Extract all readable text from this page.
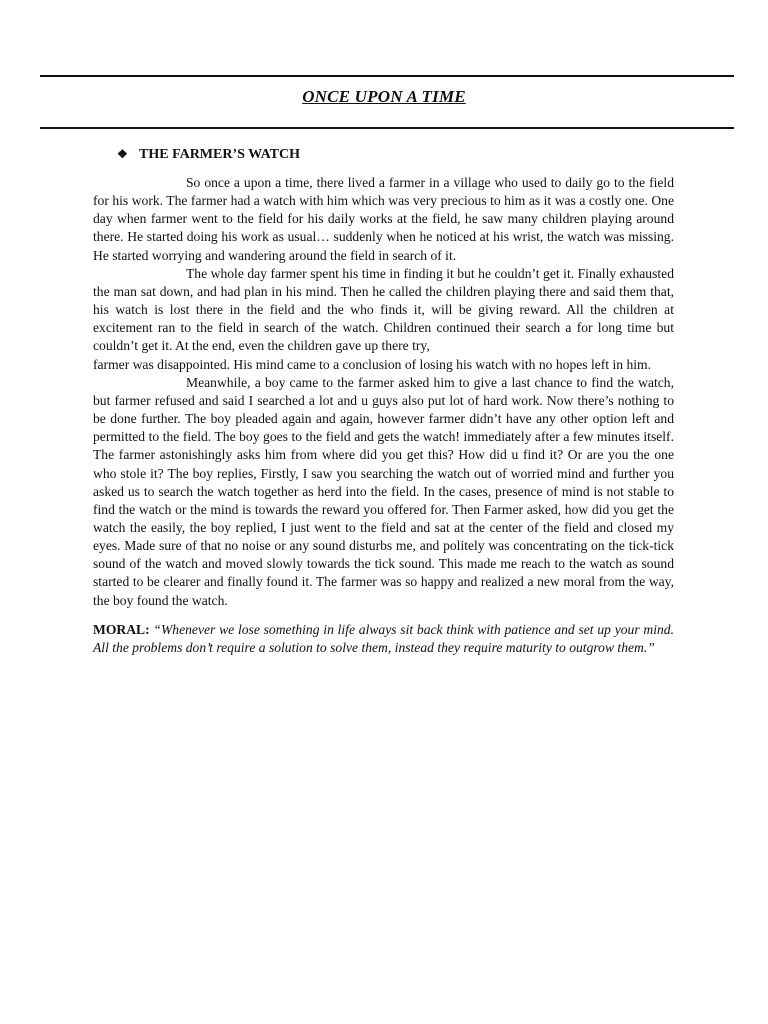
ONCE UPON A TIME
❖ THE FARMER’S WATCH

So once a upon a time, there lived a farmer in a village who used to daily go to the field for his work. The farmer had a watch with him which was very precious to him as it was a costly one. One day when farmer went to the field for his daily works at the field, he saw many children playing around there. He started doing his work as usual… suddenly when he noticed at his wrist, the watch was missing. He started worrying and wandering around the field in search of it.

The whole day farmer spent his time in finding it but he couldn’t get it. Finally exhausted the man sat down, and had plan in his mind. Then he called the children playing there and said them that, his watch is lost there in the field and the who finds it, will be giving reward. All the children at excitement ran to the field in search of the watch. Children continued their search a for long time but couldn’t get it. At the end, even the children gave up there try,

farmer was disappointed. His mind came to a conclusion of losing his watch with no hopes left in him.

Meanwhile, a boy came to the farmer asked him to give a last chance to find the watch, but farmer refused and said I searched a lot and u guys also put lot of hard work. Now there’s nothing to be done further. The boy pleaded again and again, however farmer didn’t have any other option left and permitted to the field. The boy goes to the field and gets the watch! immediately after a few minutes itself. The farmer astonishingly asks him from where did you get this? How did u find it? Or are you the one who stole it? The boy replies, Firstly, I saw you searching the watch out of worried mind and further you asked us to search the watch together as herd into the field. In the cases, presence of mind is not stable to find the watch or the mind is towards the reward you offered for. Then Farmer asked, how did you get the watch the easily, the boy replied, I just went to the field and sat at the center of the field and closed my eyes. Made sure of that no noise or any sound disturbs me, and politely was concentrating on the tick-tick sound of the watch and moved slowly towards the tick sound. This made me reach to the watch as sound started to be clearer and finally found it. The farmer was so happy and realized a new moral from the way, the boy found the watch.

MORAL: “Whenever we lose something in life always sit back think with patience and set up your mind. All the problems don’t require a solution to solve them, instead they require maturity to outgrow them.”
